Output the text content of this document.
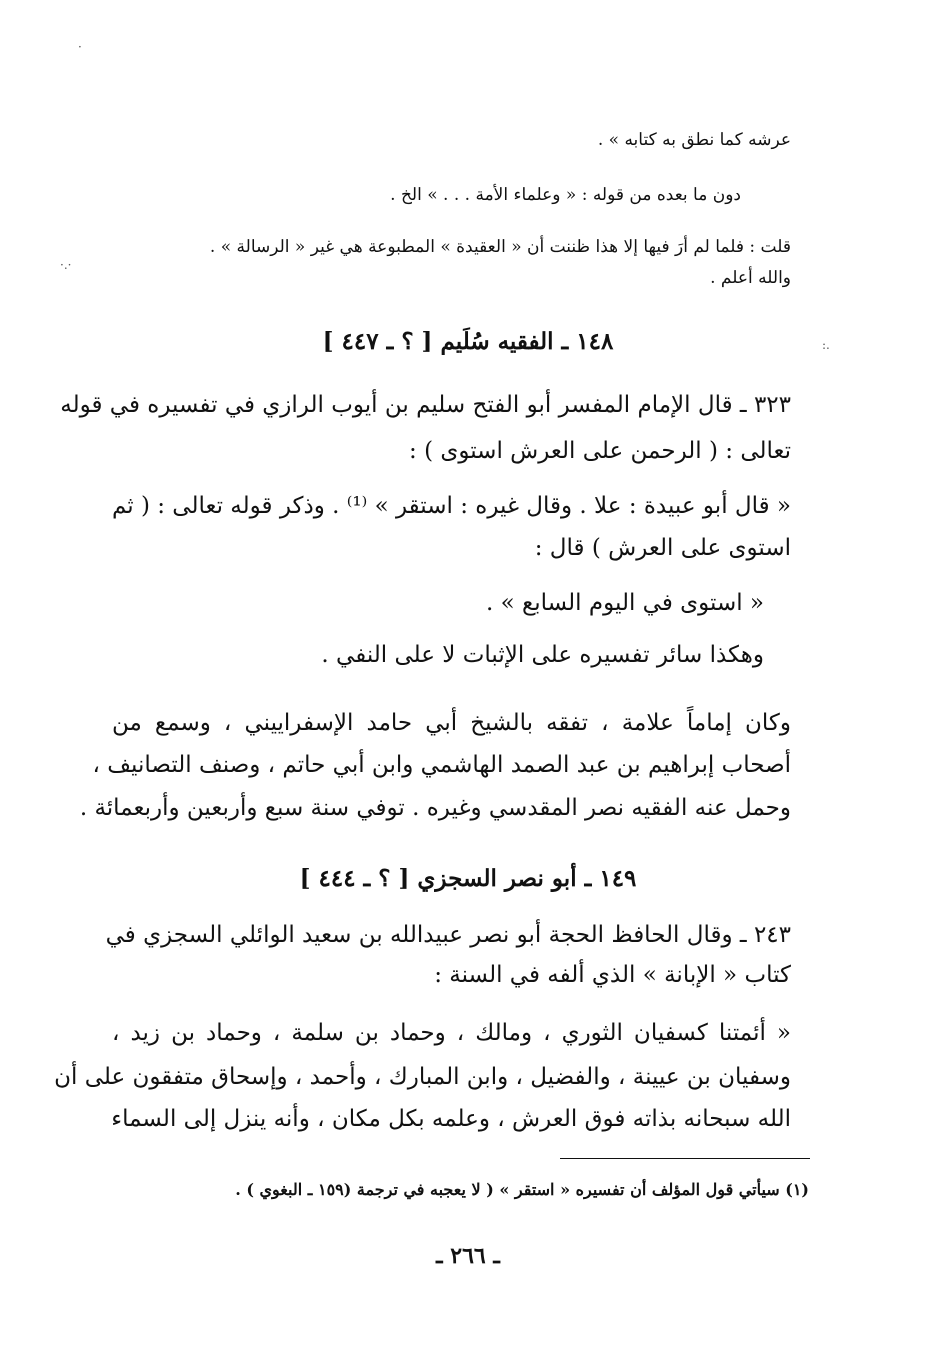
عرشه كما نطق به كتابه » .
دون ما بعده من قوله : « وعلماء الأمة . . . » الخ .
قلت : فلما لم أرَ فيها إلا هذا ظننت أن « العقيدة » المطبوعة هي غير « الرسالة » .
والله أعلم .
١٤٨ ـ الفقيه سُلَيم [ ؟ ـ ٤٤٧ ]
٣٢٣ ـ قال الإمام المفسر أبو الفتح سليم بن أيوب الرازي في تفسيره في قوله
تعالى : ( الرحمن على العرش استوى ) :
« قال أبو عبيدة : علا . وقال غيره : استقر » ⁽¹⁾ . وذكر قوله تعالى : ( ثم
استوى على العرش ) قال :
« استوى في اليوم السابع » .
وهكذا سائر تفسيره على الإثبات لا على النفي .
وكان إماماً علامة ، تفقه بالشيخ أبي حامد الإسفراييني ، وسمع من
أصحاب إبراهيم بن عبد الصمد الهاشمي وابن أبي حاتم ، وصنف التصانيف ،
وحمل عنه الفقيه نصر المقدسي وغيره . توفي سنة سبع وأربعين وأربعمائة .
١٤٩ ـ أبو نصر السجزي [ ؟ ـ ٤٤٤ ]
٢٤٣ ـ وقال الحافظ الحجة أبو نصر عبيدالله بن سعيد الوائلي السجزي في
كتاب « الإبانة » الذي ألفه في السنة :
« أئمتنا كسفيان الثوري ، ومالك ، وحماد بن سلمة ، وحماد بن زيد ،
وسفيان بن عيينة ، والفضيل ، وابن المبارك ، وأحمد ، وإسحاق متفقون على أن
الله سبحانه بذاته فوق العرش ، وعلمه بكل مكان ، وأنه ينزل إلى السماء
(١) سيأتي قول المؤلف أن تفسيره « استقر » ( لا يعجبه في ترجمة (١٥٩ ـ البغوي ) .
ـ ٢٦٦ ـ
·
:.
·.·
